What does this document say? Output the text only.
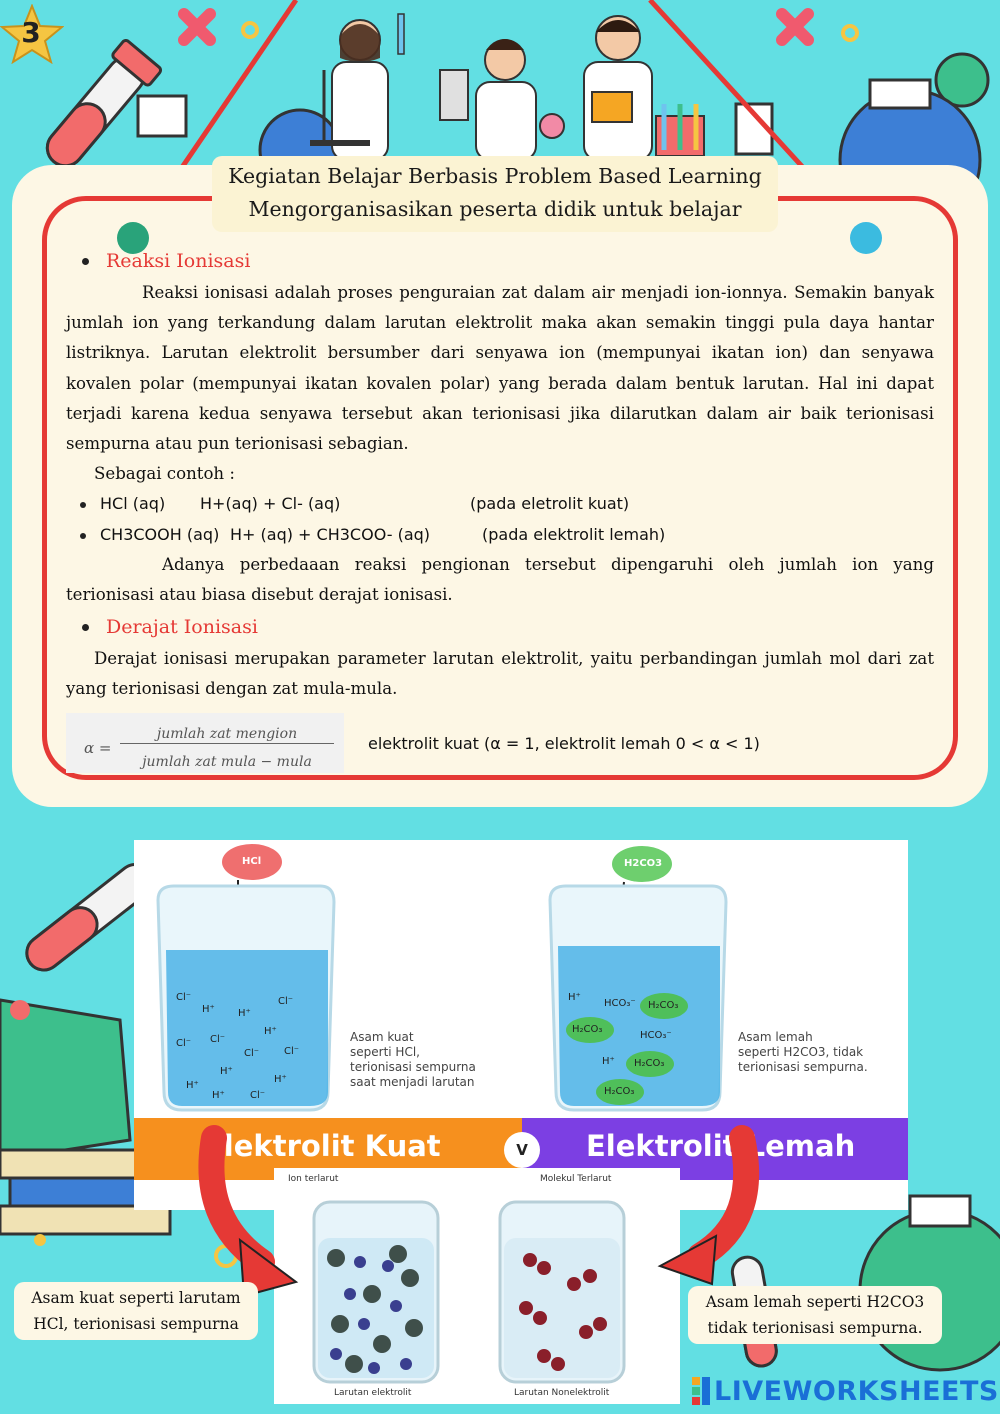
3
Kegiatan Belajar Berbasis Problem Based Learning
Mengorganisasikan peserta didik untuk belajar
Reaksi Ionisasi

Reaksi ionisasi adalah proses penguraian zat dalam air menjadi ion-ionnya. Semakin banyak jumlah ion yang terkandung dalam larutan elektrolit maka akan semakin tinggi pula daya hantar listriknya. Larutan elektrolit bersumber dari senyawa ion (mempunyai ikatan ion) dan senyawa kovalen polar (mempunyai ikatan kovalen polar) yang berada dalam bentuk larutan. Hal ini dapat terjadi karena kedua senyawa tersebut akan terionisasi jika dilarutkan dalam air baik terionisasi sempurna atau pun terionisasi sebagian.

Sebagai contoh :

HCl (aq) H+(aq) + Cl- (aq)	(pada eletrolit kuat)
CH3COOH (aq) H+ (aq) + CH3COO- (aq)	(pada elektrolit lemah)

Adanya perbedaaan reaksi pengionan tersebut dipengaruhi oleh jumlah ion yang terionisasi atau biasa disebut derajat ionisasi.

Derajat Ionisasi

Derajat ionisasi merupakan parameter larutan elektrolit, yaitu perbandingan jumlah mol dari zat yang terionisasi dengan zat mula-mula.

α =
jumlah zat mengion
jumlah zat mula − mula
elektrolit kuat (α = 1, elektrolit lemah 0 < α < 1)
HCl	H2CO3
Cl⁻
H⁺ H⁺
Cl⁻
H⁺
Cl⁻ Cl⁻
Cl⁻ Cl⁻
H⁺
H⁺
H⁺
H⁺	Cl⁻
H⁺
HCO₃⁻ H₂CO₃
H₂CO₃
HCO₃⁻
H⁺ H₂CO₃
H₂CO₃
Asam kuat
seperti HCl,
terionisasi sempurna
saat menjadi larutan
Asam lemah
seperti H2CO3, tidak
terionisasi sempurna.
Elektrolit Kuat	Elektrolit Lemah
V
Ion terlarut	Molekul Terlarut
Larutan elektrolit	Larutan Nonelektrolit
Asam kuat seperti larutam
HCl, terionisasi sempurna
Asam lemah seperti H2CO3
tidak terionisasi sempurna.
LIVEWORKSHEETS
